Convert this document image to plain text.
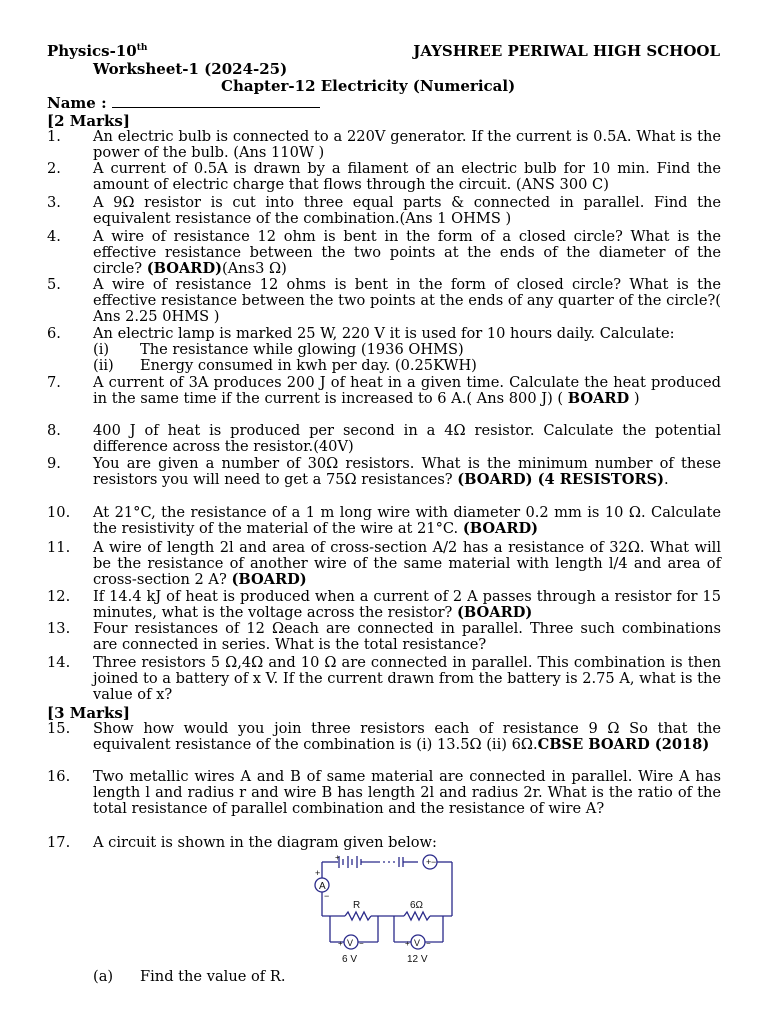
Physics-10th	JAYSHREE PERIWAL HIGH SCHOOL
Worksheet-1 (2024-25)
Chapter-12 Electricity (Numerical)
Name :
[2 Marks]
1. An electric bulb is connected to a 220V generator. If the current is 0.5A. What is the power of the bulb. (Ans 110W )
2. A current of 0.5A is drawn by a filament of an electric bulb for 10 min. Find the amount of electric charge that flows through the circuit. (ANS 300 C)
3. A 9Ω resistor is cut into three equal parts & connected in parallel. Find the equivalent resistance of the combination.(Ans 1 OHMS )
4. A wire of resistance 12 ohm is bent in the form of a closed circle? What is the effective resistance between the two points at the ends of the diameter of the circle? (BOARD)(Ans3 Ω)
5. A wire of resistance 12 ohms is bent in the form of closed circle? What is the effective resistance between the two points at the ends of any quarter of the circle?( Ans 2.25 0HMS )
6. An electric lamp is marked 25 W, 220 V it is used for 10 hours daily. Calculate:
(i) The resistance while glowing (1936 OHMS)
(ii) Energy consumed in kwh per day. (0.25KWH)
7. A current of 3A produces 200 J of heat in a given time. Calculate the heat produced in the same time if the current is increased to 6 A.( Ans 800 J) ( BOARD )
8. 400 J of heat is produced per second in a 4Ω resistor. Calculate the potential difference across the resistor.(40V)
9. You are given a number of 30Ω resistors. What is the minimum number of these resistors you will need to get a 75Ω resistances? (BOARD) (4 RESISTORS).
10. At 21°C, the resistance of a 1 m long wire with diameter 0.2 mm is 10 Ω. Calculate the resistivity of the material of the wire at 21°C. (BOARD)
11. A wire of length 2l and area of cross-section A/2 has a resistance of 32Ω. What will be the resistance of another wire of the same material with length l/4 and area of cross-section 2 A? (BOARD)
12. If 14.4 kJ of heat is produced when a current of 2 A passes through a resistor for 15 minutes, what is the voltage across the resistor? (BOARD)
13. Four resistances of 12 Ωeach are connected in parallel. Three such combinations are connected in series. What is the total resistance?
14. Three resistors 5 Ω,4Ω and 10 Ω are connected in parallel. This combination is then joined to a battery of x V. If the current drawn from the battery is 2.75 A, what is the value of x?
[3 Marks]
15. Show how would you join three resistors each of resistance 9 Ω So that the equivalent resistance of the combination is (i) 13.5Ω (ii) 6Ω.CBSE BOARD (2018)
16. Two metallic wires A and B of same material are connected in parallel. Wire A has length l and radius r and wire B has length 2l and radius 2r. What is the ratio of the total resistance of parallel combination and the resistance of wire A?
17. A circuit is shown in the diagram given below:
A
+
−
+	+ −
R	6Ω
V	V
+ −	+ −
6 V	12 V
(a) Find the value of R.
